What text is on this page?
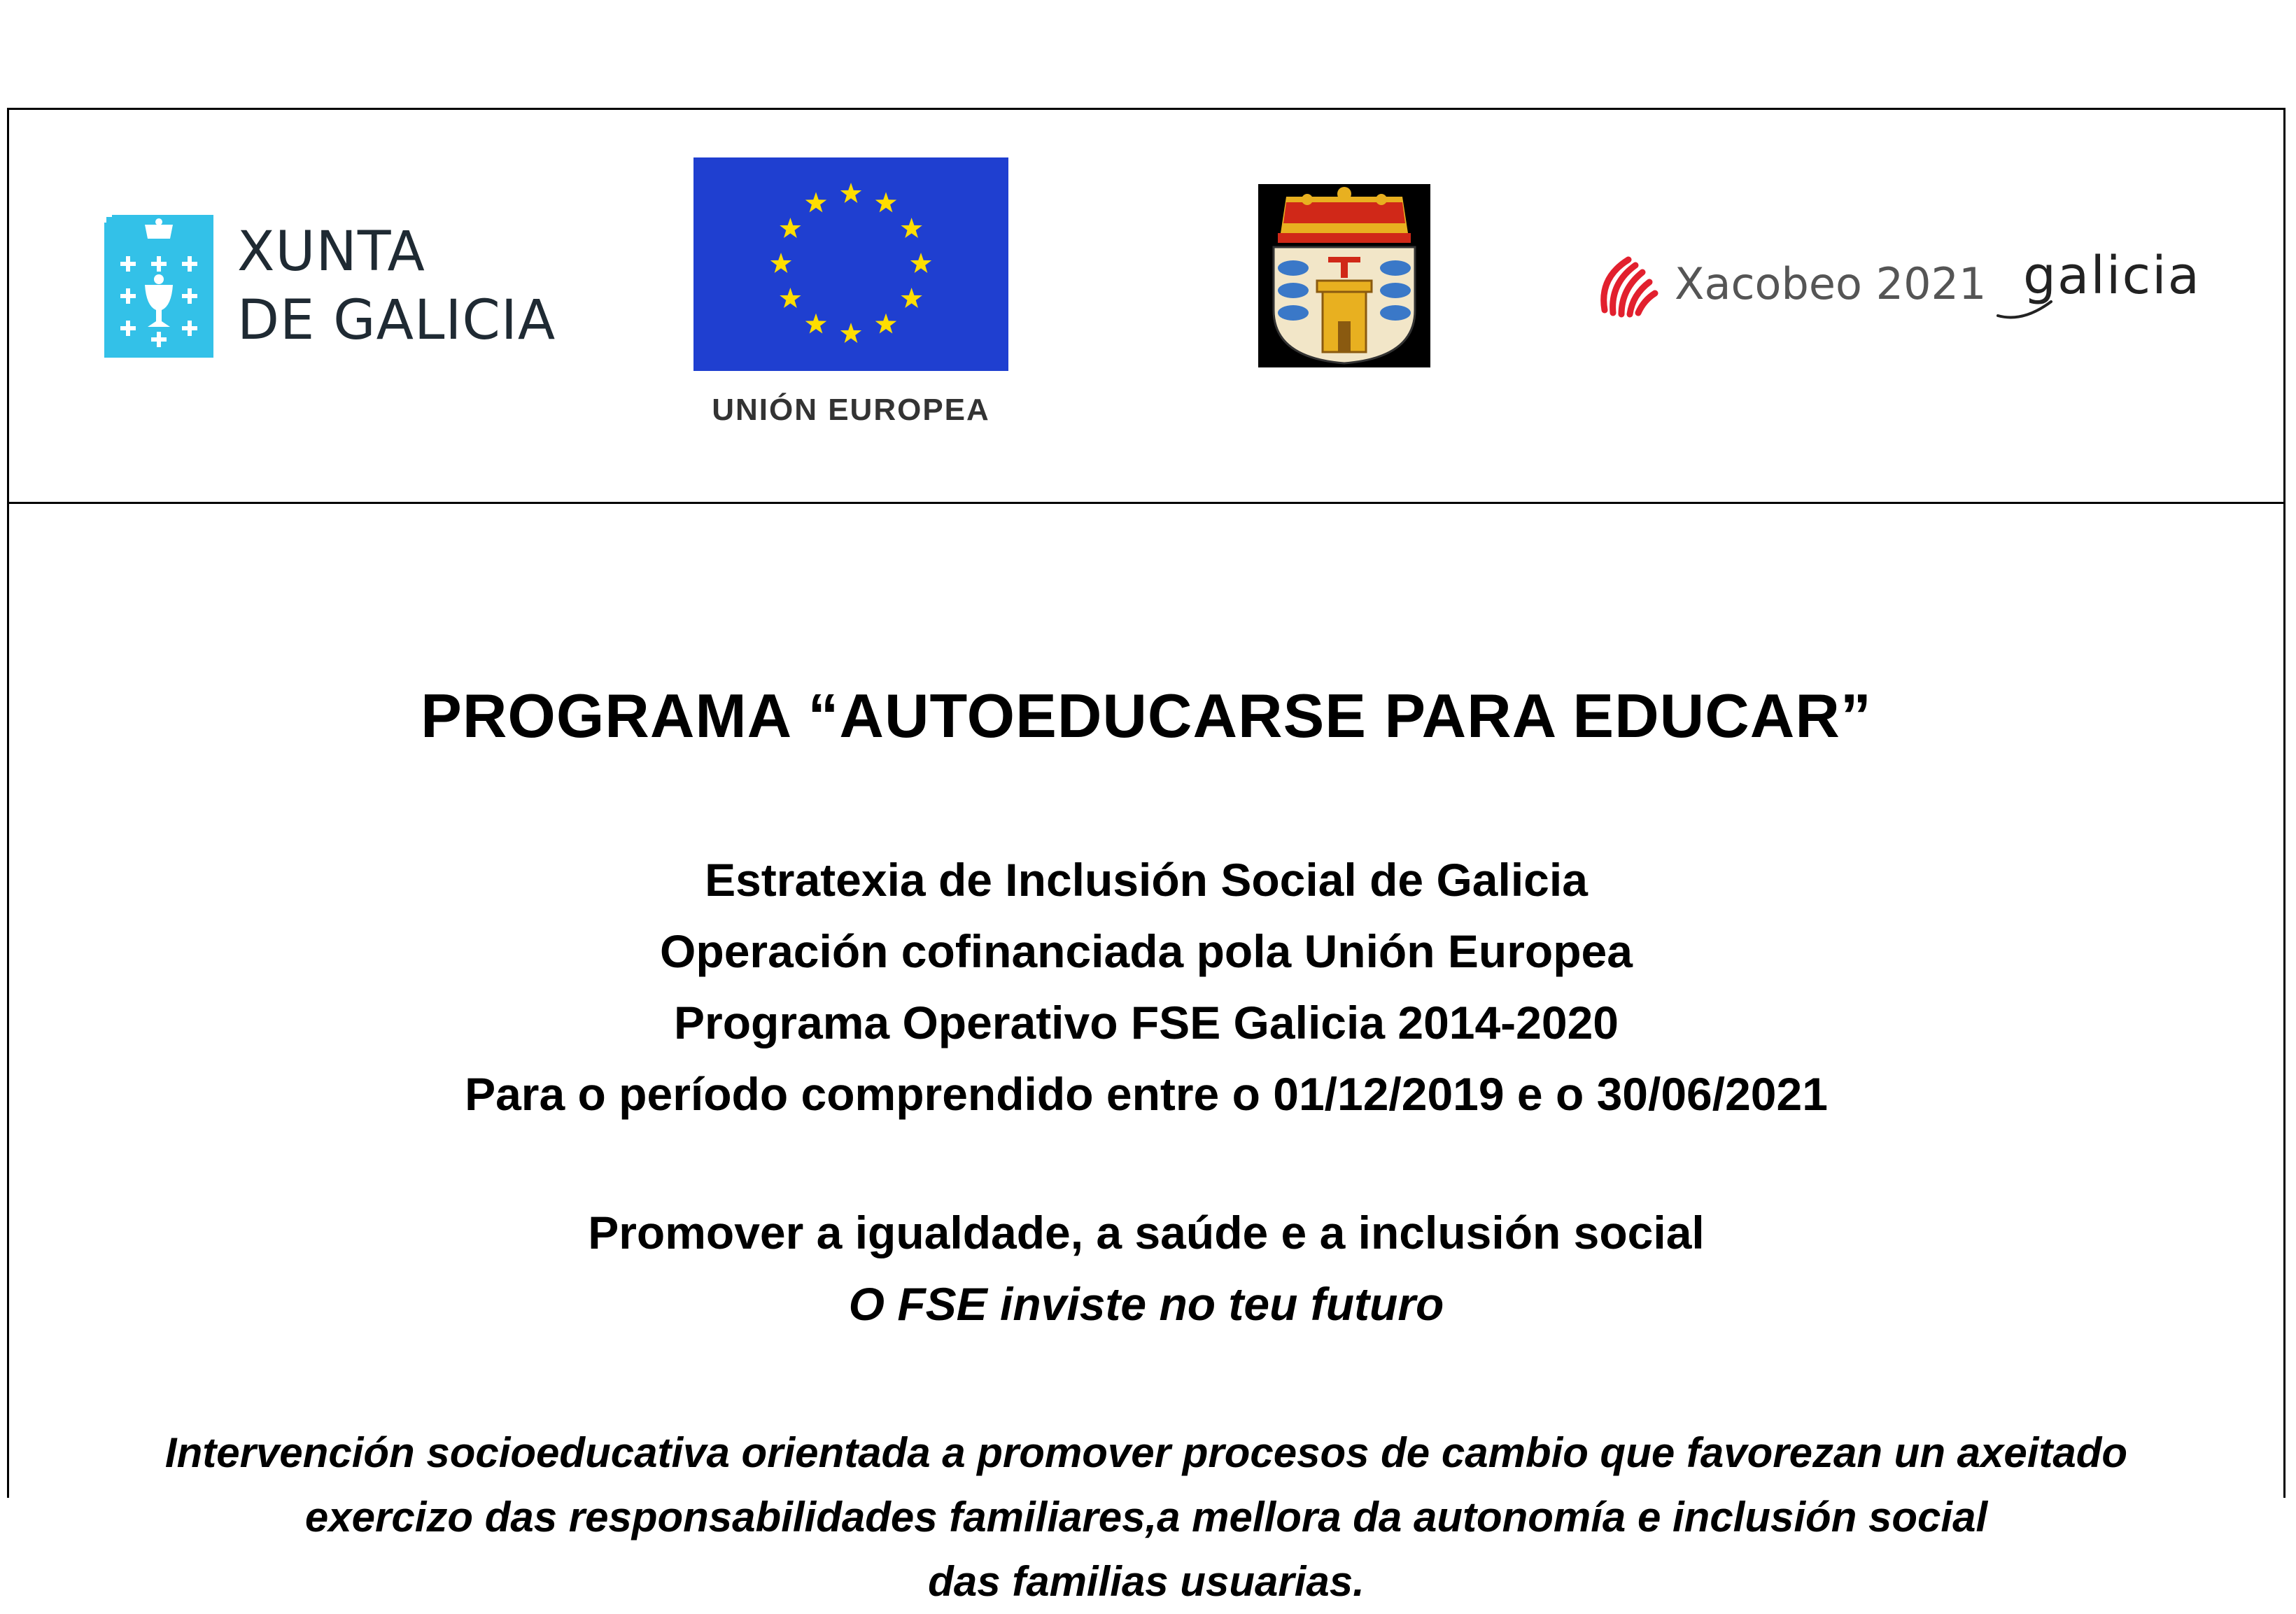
XUNTA
DE GALICIA
UNIÓN EUROPEA
Xacobeo 2021 galicia
PROGRAMA “AUTOEDUCARSE PARA EDUCAR”
Estratexia de Inclusión Social de Galicia
Operación cofinanciada pola Unión Europea
Programa Operativo FSE Galicia 2014-2020
Para o período comprendido entre o 01/12/2019 e o 30/06/2021
Promover a igualdade, a saúde e a inclusión social
O FSE inviste no teu futuro
Intervención socioeducativa orientada a promover procesos de cambio que favorezan un axeitado
exercizo das responsabilidades familiares,a mellora da autonomía e inclusión social
das familias usuarias.
